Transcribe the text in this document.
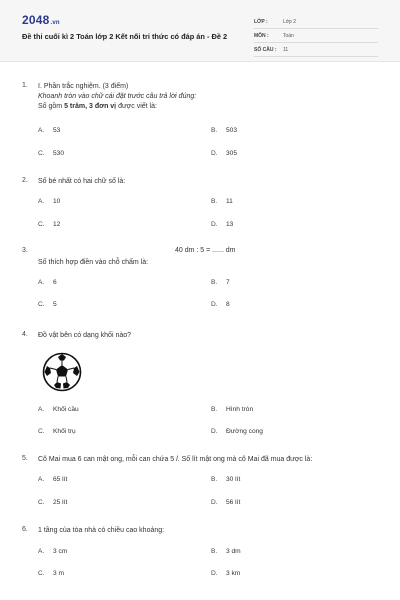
2048.vn
Đề thi cuối kì 2 Toán lớp 2 Kết nối tri thức có đáp án - Đề 2
LỚP :	Lớp 2
MÔN :	Toán
SỐ CÂU :	11
1.	I. Phần trắc nghiệm. (3 điểm)
Khoanh tròn vào chữ cái đặt trước câu trả lời đúng:
Số gồm 5 trăm, 3 đơn vị được viết là:
A. 53	B. 503
C. 530	D. 305
2.	Số bé nhất có hai chữ số là:
A. 10	B. 11
C. 12	D. 13
3.	40 dm : 5 = ...... dm
Số thích hợp điền vào chỗ chấm là:
A. 6	B. 7
C. 5	D. 8
4.	Đồ vật bên có dạng khối nào?
A. Khối cầu	B. Hình tròn
C. Khối trụ	D. Đường cong
5.	Cô Mai mua 6 can mật ong, mỗi can chứa 5 l. Số lít mật ong mà cô Mai đã mua được là:
A. 65 lít	B. 30 lít
C. 25 lít	D. 56 lít
6.	1 tầng của tòa nhà có chiều cao khoảng:
A. 3 cm	B. 3 dm
C. 3 m	D. 3 km
